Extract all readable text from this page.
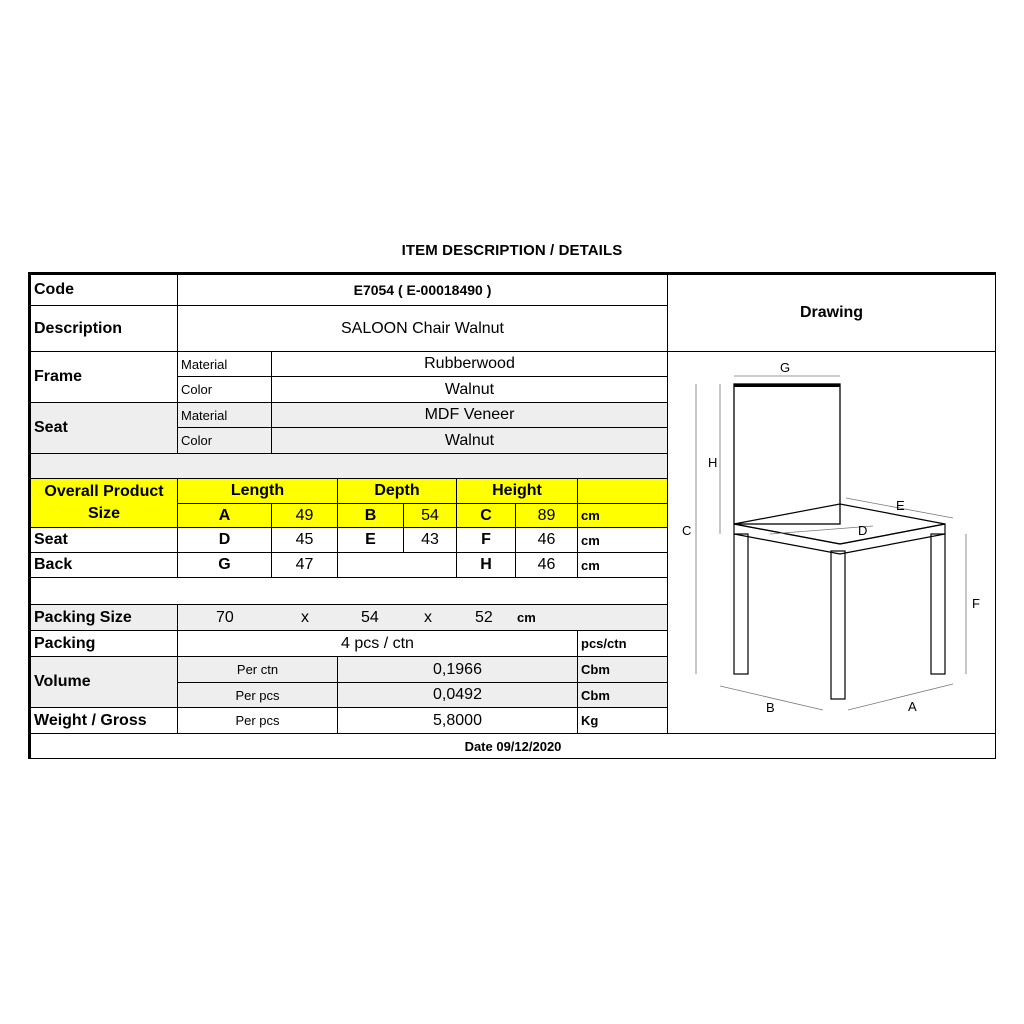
ITEM DESCRIPTION / DETAILS
Code	E7054 ( E-00018490 )
Description	SALOON Chair Walnut
Drawing
Frame
Material	Rubberwood
Color	Walnut
Seat
Material	MDF Veneer
Color	Walnut
Overall Product Size
Length	Depth	Height
A	49	B	54	C	89	cm
Seat	D	45	E	43	F	46	cm
Back	G	47	H	46	cm
Packing Size	70	x	54	x	52 cm
Packing	4 pcs / ctn	pcs/ctn
Volume
Per ctn	0,1966	Cbm
Per pcs	0,0492	Cbm
Weight / Gross	Per pcs	5,8000	Kg
G
H
C
E
D
F
B	A
Date 09/12/2020
